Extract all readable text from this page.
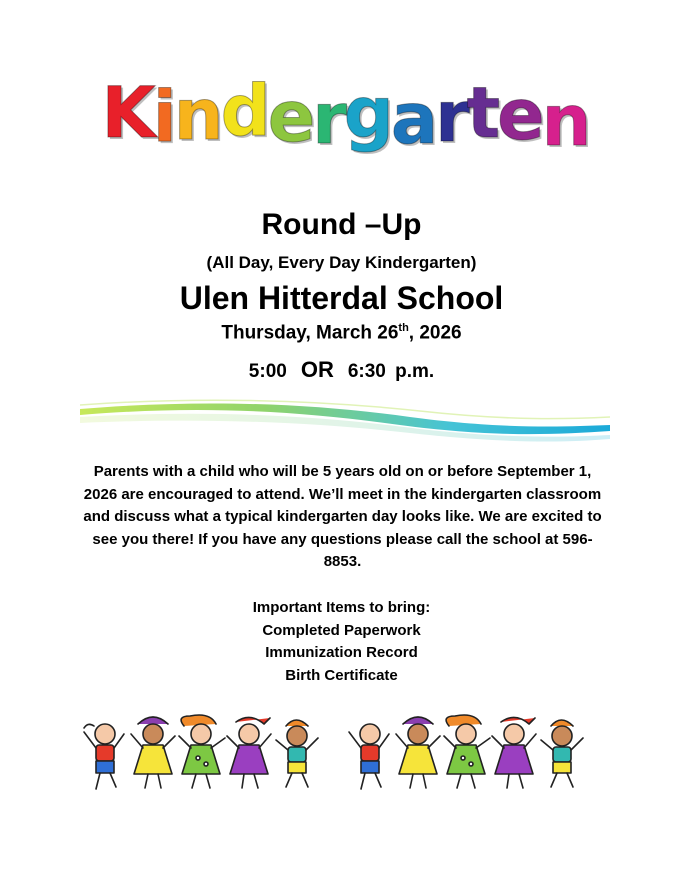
K i n d e r g a r t e n
Round –Up
(All Day, Every Day Kindergarten)
Ulen Hitterdal School
Thursday, March 26th, 2026
5:00 OR 6:30 p.m.
Parents with a child who will be 5 years old on or before September 1, 2026 are encouraged to attend. We’ll meet in the kindergarten classroom and discuss what a typical kindergarten day looks like. We are excited to see you there! If you have any questions please call the school at 596-8853.
Important Items to bring:
Completed Paperwork
Immunization Record
Birth Certificate
